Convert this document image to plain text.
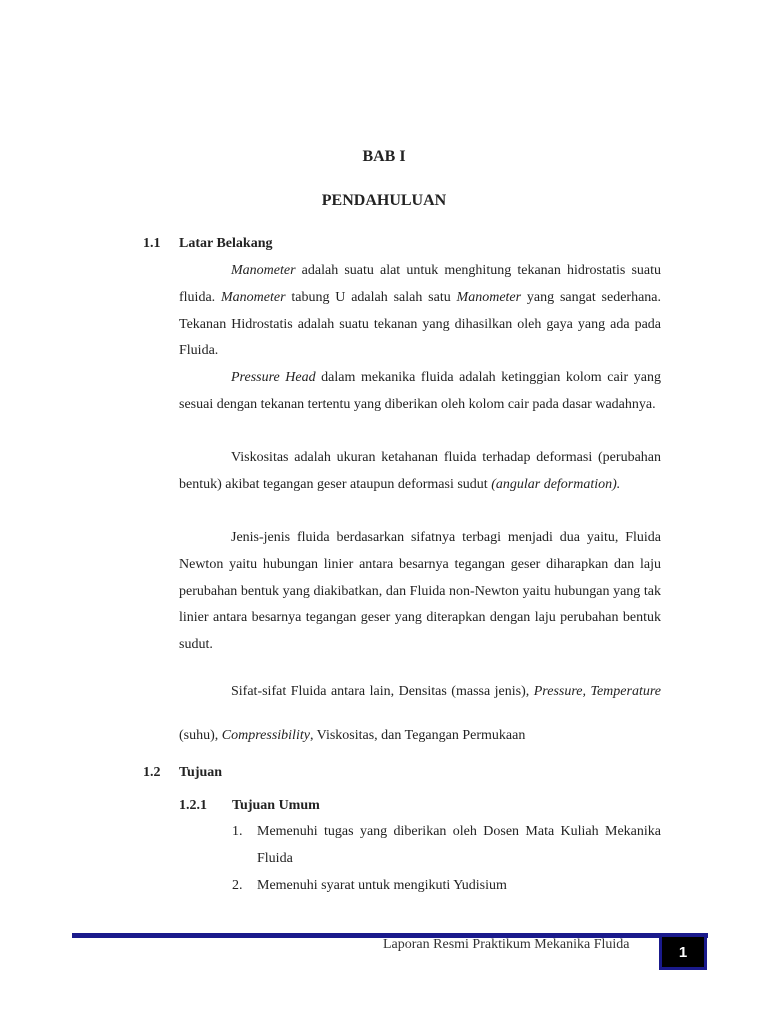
BAB I
PENDAHULUAN
1.1 Latar Belakang

Manometer adalah suatu alat untuk menghitung tekanan hidrostatis suatu fluida. Manometer tabung U adalah salah satu Manometer yang sangat sederhana. Tekanan Hidrostatis adalah suatu tekanan yang dihasilkan oleh gaya yang ada pada Fluida.

Pressure Head dalam mekanika fluida adalah ketinggian kolom cair yang sesuai dengan tekanan tertentu yang diberikan oleh kolom cair pada dasar wadahnya.

Viskositas adalah ukuran ketahanan fluida terhadap deformasi (perubahan bentuk) akibat tegangan geser ataupun deformasi sudut (angular deformation).

Jenis-jenis fluida berdasarkan sifatnya terbagi menjadi dua yaitu, Fluida Newton yaitu hubungan linier antara besarnya tegangan geser diharapkan dan laju perubahan bentuk yang diakibatkan, dan Fluida non-Newton yaitu hubungan yang tak linier antara besarnya tegangan geser yang diterapkan dengan laju perubahan bentuk sudut.

Sifat-sifat Fluida antara lain, Densitas (massa jenis), Pressure, Temperature (suhu), Compressibility, Viskositas, dan Tegangan Permukaan

1.2 Tujuan
1.2.1 Tujuan Umum
1. Memenuhi tugas yang diberikan oleh Dosen Mata Kuliah Mekanika Fluida
2. Memenuhi syarat untuk mengikuti Yudisium
Laporan Resmi Praktikum Mekanika Fluida	1
